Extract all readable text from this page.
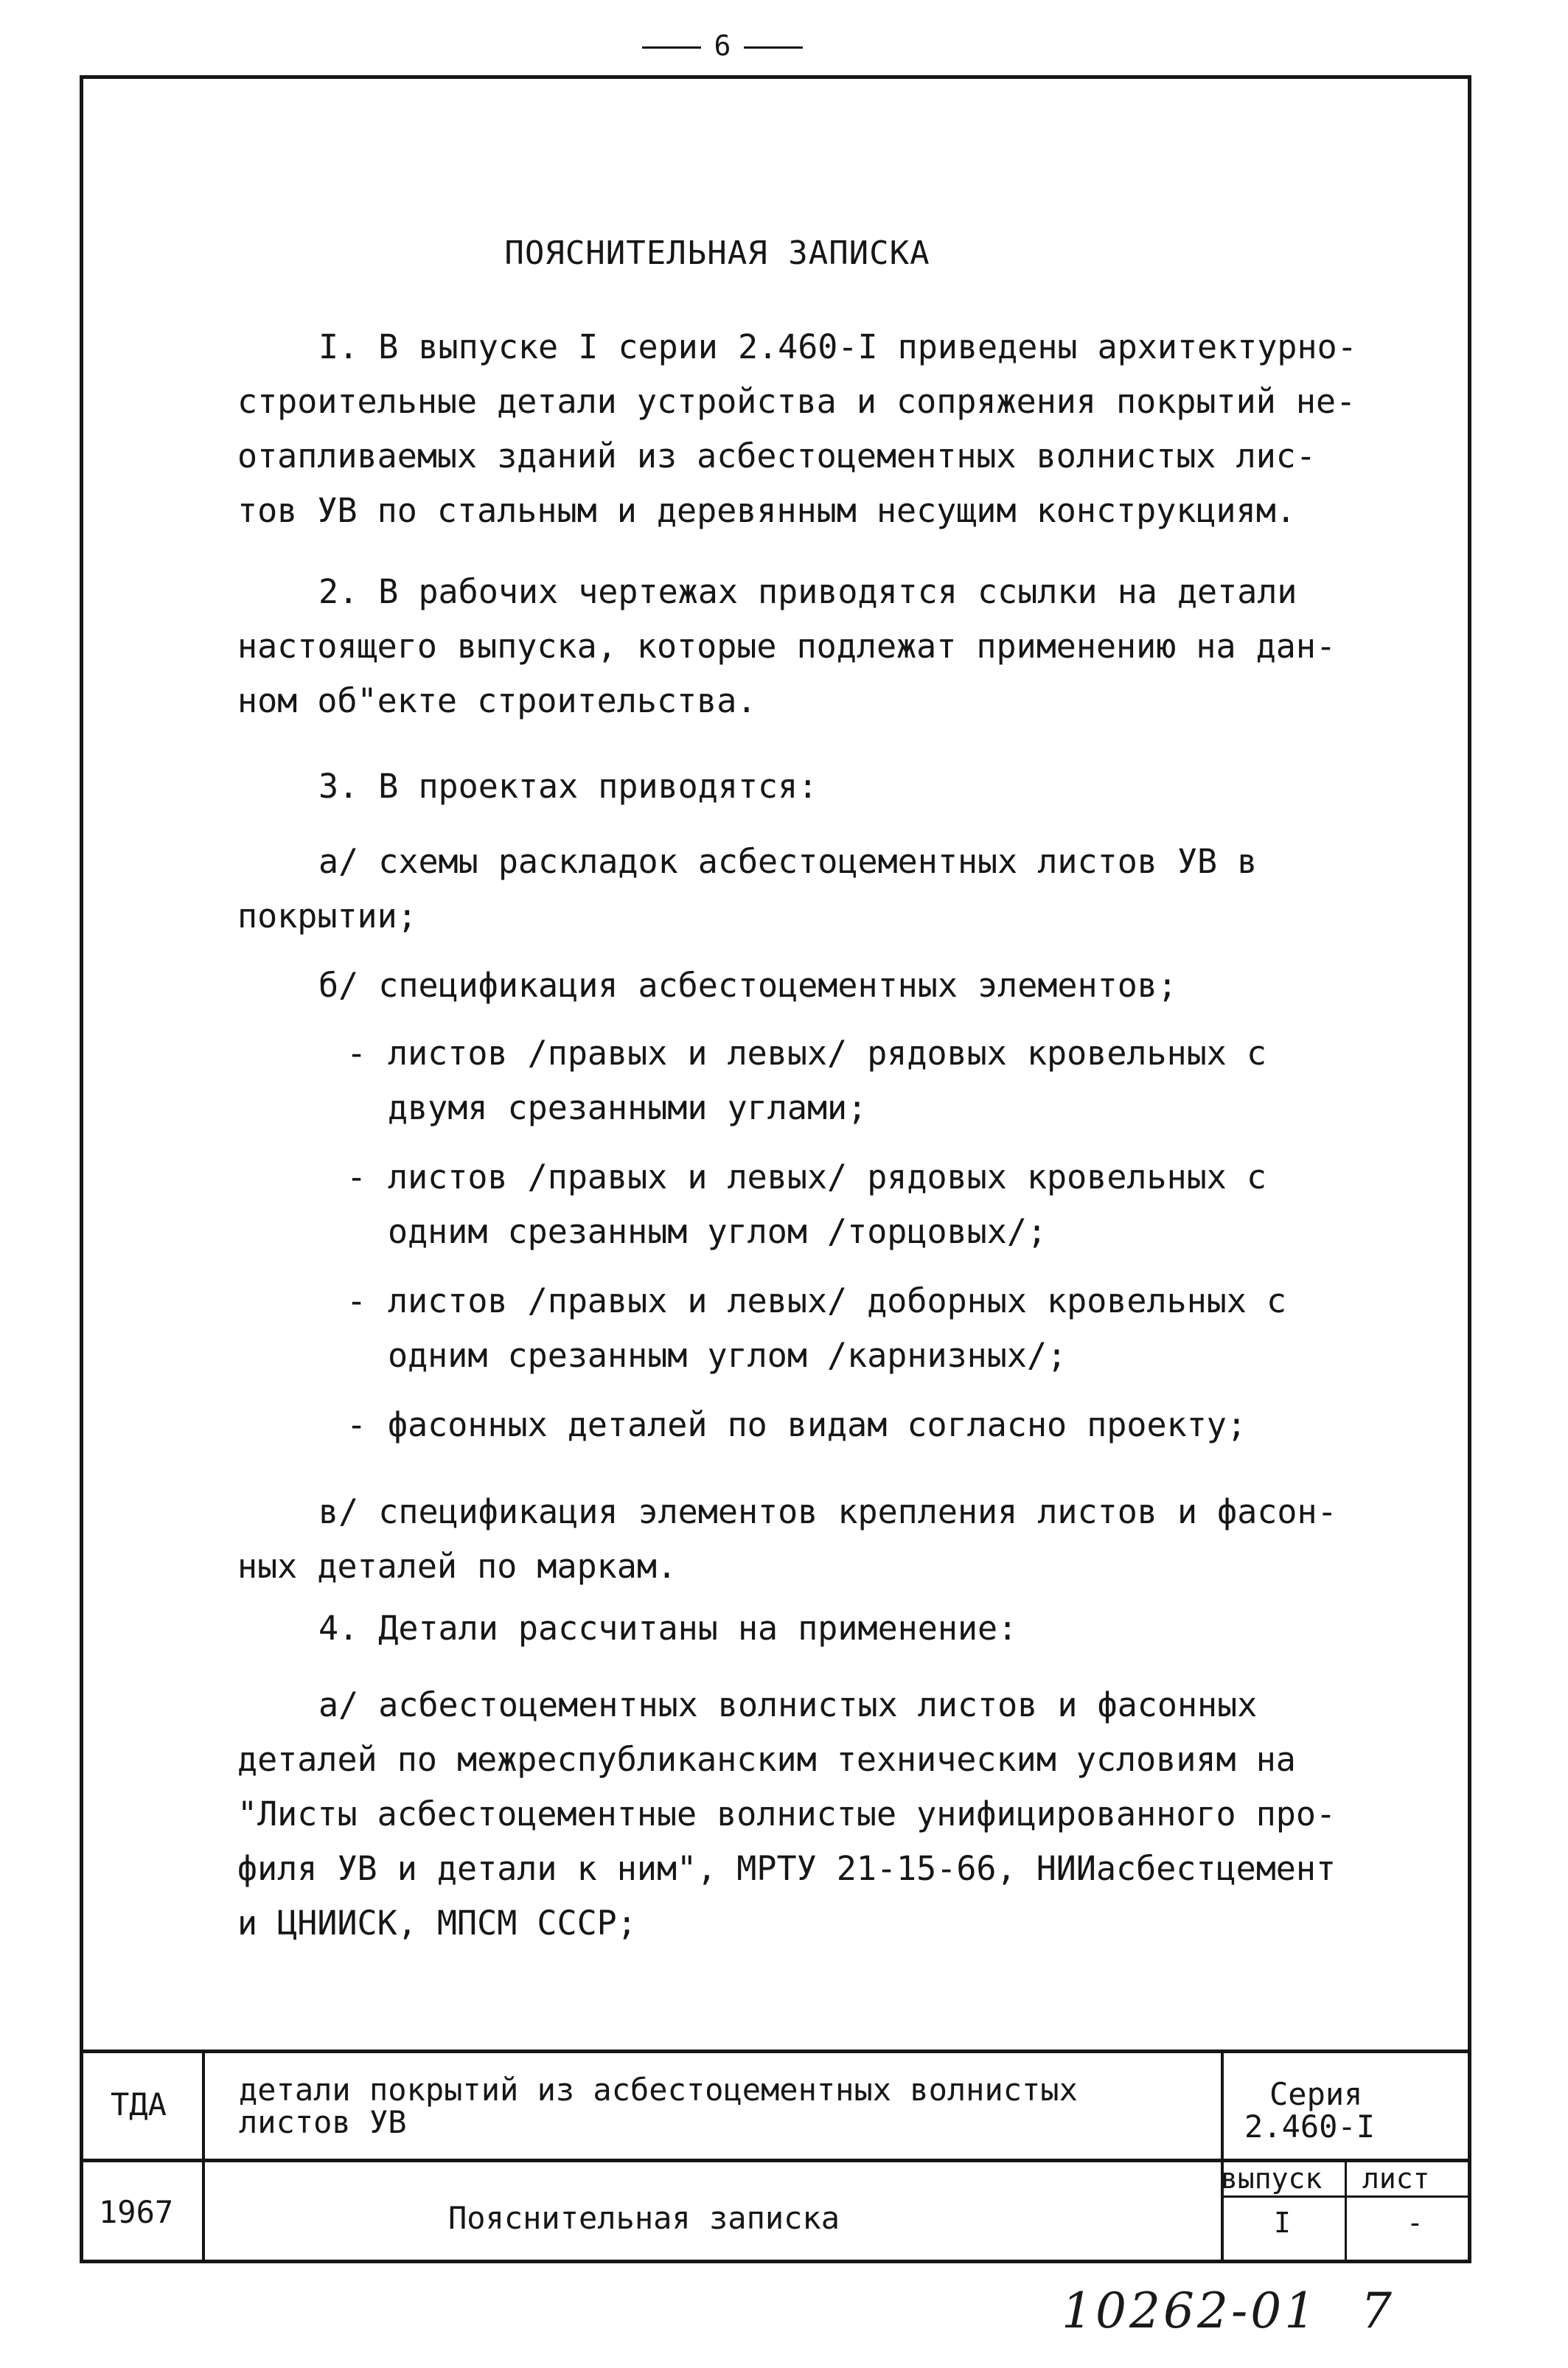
6
ПОЯСНИТЕЛЬНАЯ ЗАПИСКА
I. В выпуске I серии 2.460-I приведены архитектурно-
строительные детали устройства и сопряжения покрытий не-
отапливаемых зданий из асбестоцементных волнистых лис-
тов УВ по стальным и деревянным несущим конструкциям.
2. В рабочих чертежах приводятся ссылки на детали
настоящего выпуска, которые подлежат применению на дан-
ном об"екте строительства.
3. В проектах приводятся:
а/ схемы раскладок асбестоцементных листов УВ в
покрытии;
б/ спецификация асбестоцементных элементов;
- листов /правых и левых/ рядовых кровельных с
двумя срезанными углами;
- листов /правых и левых/ рядовых кровельных с
одним срезанным углом /торцовых/;
- листов /правых и левых/ доборных кровельных с
одним срезанным углом /карнизных/;
- фасонных деталей по видам согласно проекту;
в/ спецификация элементов крепления листов и фасон-
ных деталей по маркам.
4. Детали рассчитаны на применение:
а/ асбестоцементных волнистых листов и фасонных
деталей по межреспубликанским техническим условиям на
"Листы асбестоцементные волнистые унифицированного про-
филя УВ и детали к ним", МРТУ 21-15-66, НИИасбестцемент
и ЦНИИСК, МПСМ СССР;
ТДА детали покрытий из асбестоцементных волнистых
листов УВ
Серия
2.460-I
1967	Пояснительная записка
выпуск
I
лист
-
10262-01 7
